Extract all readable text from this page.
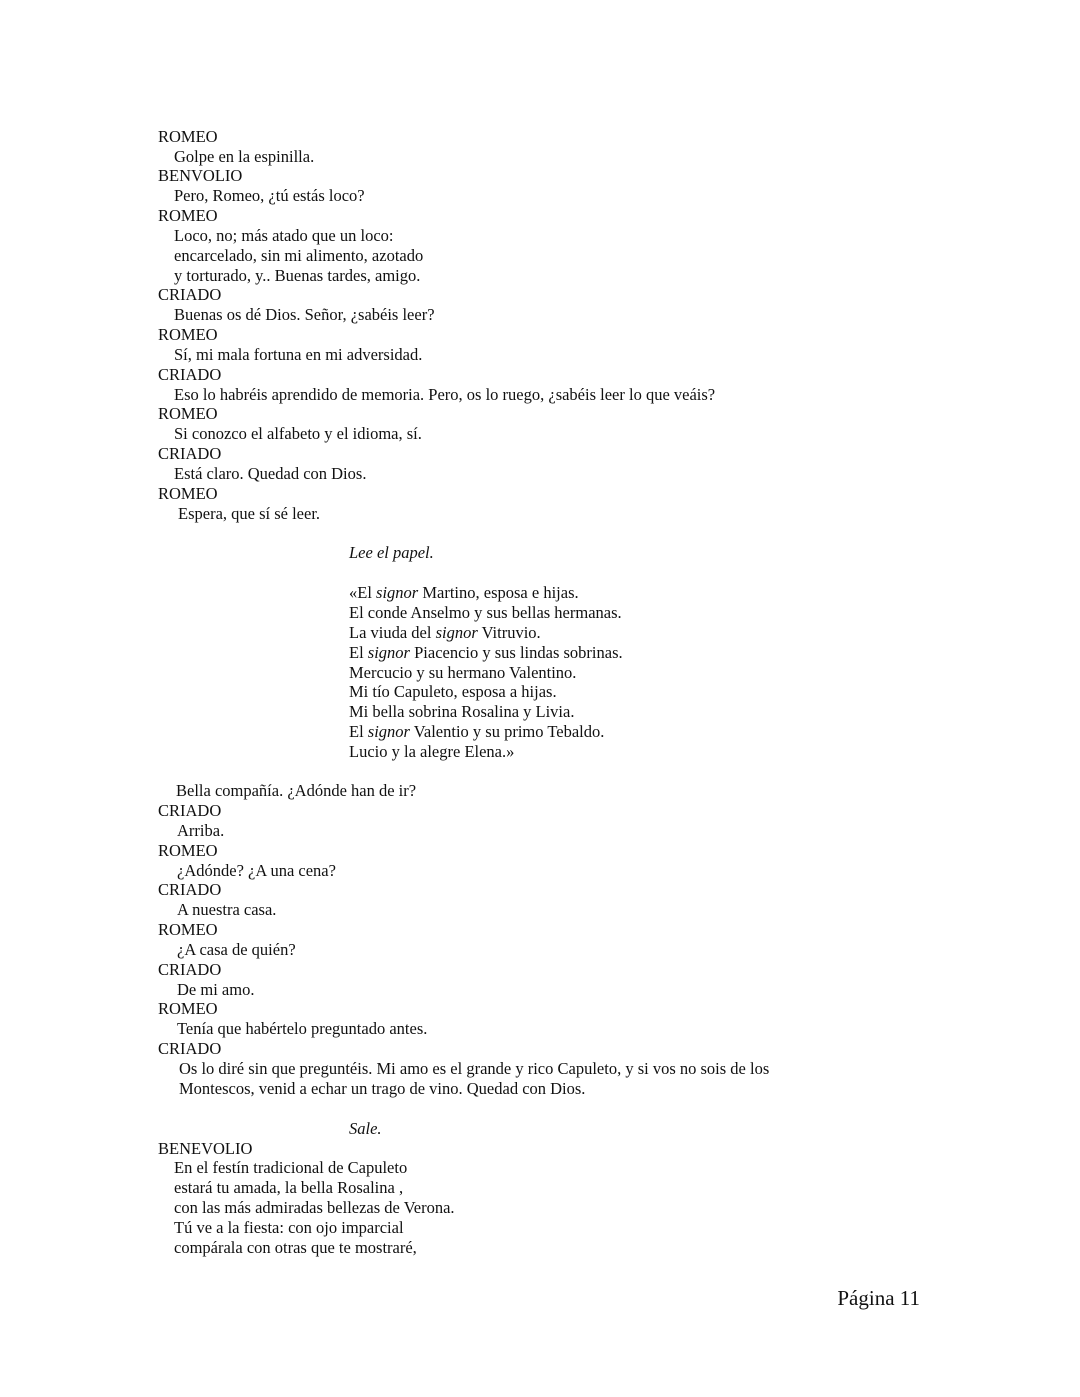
ROMEO
Golpe en la espinilla.
BENVOLIO
Pero, Romeo, ¿tú estás loco?
ROMEO
Loco, no; más atado que un loco:
encarcelado, sin mi alimento, azotado
y torturado, y.. Buenas tardes, amigo.
CRIADO
Buenas os dé Dios. Señor, ¿sabéis leer?
ROMEO
Sí, mi mala fortuna en mi adversidad.
CRIADO
Eso lo habréis aprendido de memoria. Pero, os lo ruego, ¿sabéis leer lo que veáis?
ROMEO
Si conozco el alfabeto y el idioma, sí.
CRIADO
Está claro. Quedad con Dios.
ROMEO
Espera, que sí sé leer.
Lee el papel.
«El signor Martino, esposa e hijas.
El conde Anselmo y sus bellas hermanas.
La viuda del signor Vitruvio.
El signor Piacencio y sus lindas sobrinas.
Mercucio y su hermano Valentino.
Mi tío Capuleto, esposa a hijas.
Mi bella sobrina Rosalina y Livia.
El signor Valentio y su primo Tebaldo.
Lucio y la alegre Elena.»
Bella compañía. ¿Adónde han de ir?
CRIADO
Arriba.
ROMEO
¿Adónde? ¿A una cena?
CRIADO
A nuestra casa.
ROMEO
¿A casa de quién?
CRIADO
De mi amo.
ROMEO
Tenía que habértelo preguntado antes.
CRIADO
Os lo diré sin que preguntéis. Mi amo es el grande y rico Capuleto, y si vos no sois de los
Montescos, venid a echar un trago de vino. Quedad con Dios.
Sale.
BENEVOLIO
En el festín tradicional de Capuleto
estará tu amada, la bella Rosalina ,
con las más admiradas bellezas de Verona.
Tú ve a la fiesta: con ojo imparcial
compárala con otras que te mostraré,
Página 11
